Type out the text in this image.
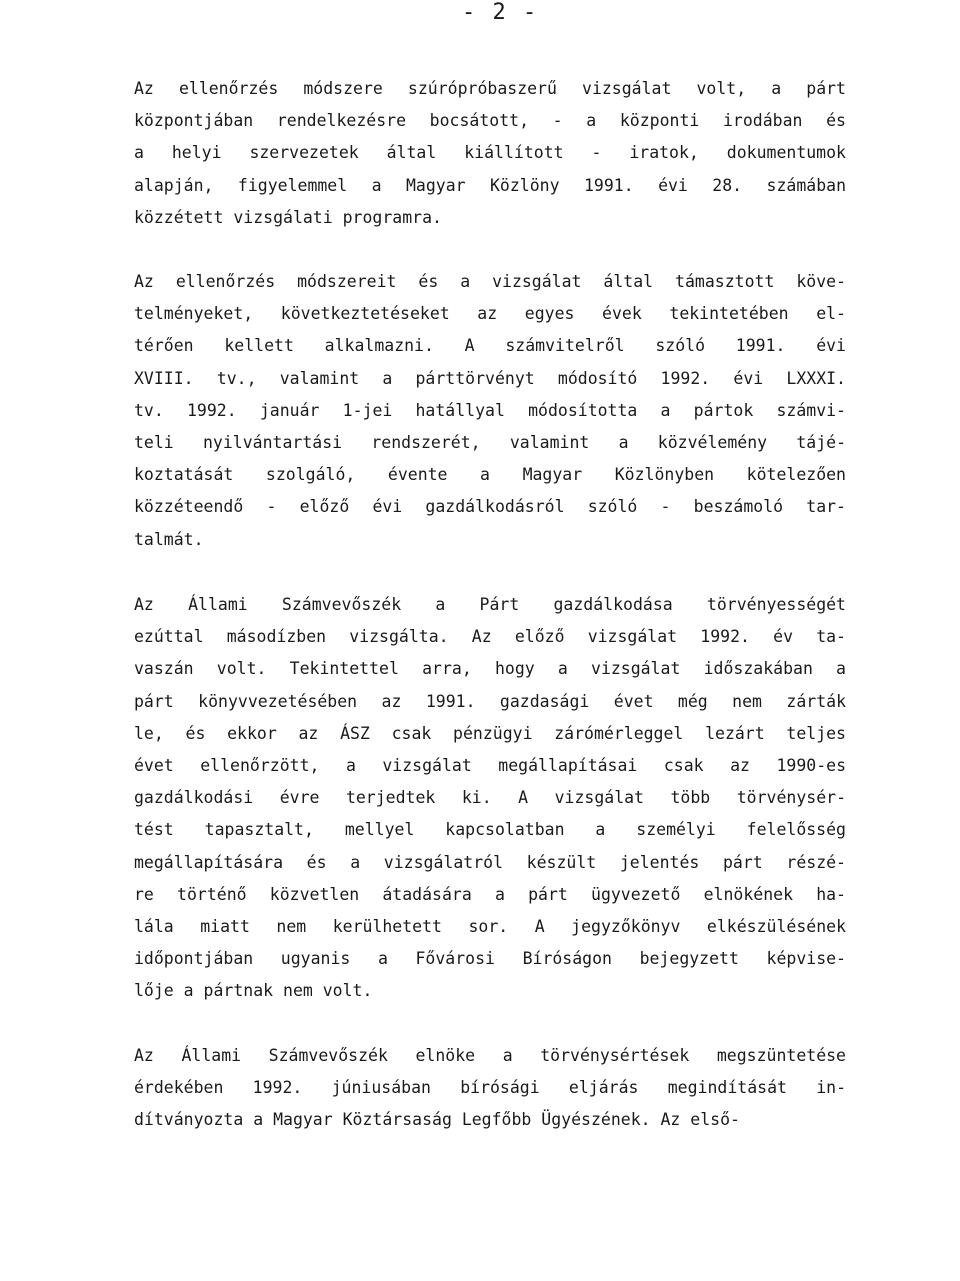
- 2 -
Az ellenőrzés módszere szúrópróbaszerű vizsgálat volt, a párt
központjában rendelkezésre bocsátott, - a központi irodában és
a helyi szervezetek által kiállított - iratok, dokumentumok
alapján, figyelemmel a Magyar Közlöny 1991. évi 28. számában
közzétett vizsgálati programra.
Az ellenőrzés módszereit és a vizsgálat által támasztott köve-
telményeket, következtetéseket az egyes évek tekintetében el-
térően kellett alkalmazni. A számvitelről szóló 1991. évi
XVIII. tv., valamint a párttörvényt módosító 1992. évi LXXXI.
tv. 1992. január 1-jei hatállyal módosította a pártok számvi-
teli nyilvántartási rendszerét, valamint a közvélemény tájé-
koztatását szolgáló, évente a Magyar Közlönyben kötelezően
közzéteendő - előző évi gazdálkodásról szóló - beszámoló tar-
talmát.
Az Állami Számvevőszék a Párt gazdálkodása törvényességét
ezúttal másodízben vizsgálta. Az előző vizsgálat 1992. év ta-
vaszán volt. Tekintettel arra, hogy a vizsgálat időszakában a
párt könyvvezetésében az 1991. gazdasági évet még nem zárták
le, és ekkor az ÁSZ csak pénzügyi zárómérleggel lezárt teljes
évet ellenőrzött, a vizsgálat megállapításai csak az 1990-es
gazdálkodási évre terjedtek ki. A vizsgálat több törvénysér-
tést tapasztalt, mellyel kapcsolatban a személyi felelősség
megállapítására és a vizsgálatról készült jelentés párt részé-
re történő közvetlen átadására a párt ügyvezető elnökének ha-
lála miatt nem kerülhetett sor. A jegyzőkönyv elkészülésének
időpontjában ugyanis a Fővárosi Bíróságon bejegyzett képvise-
lője a pártnak nem volt.
Az Állami Számvevőszék elnöke a törvénysértések megszüntetése
érdekében 1992. júniusában bírósági eljárás megindítását in-
dítványozta a Magyar Köztársaság Legfőbb Ügyészének. Az első-
